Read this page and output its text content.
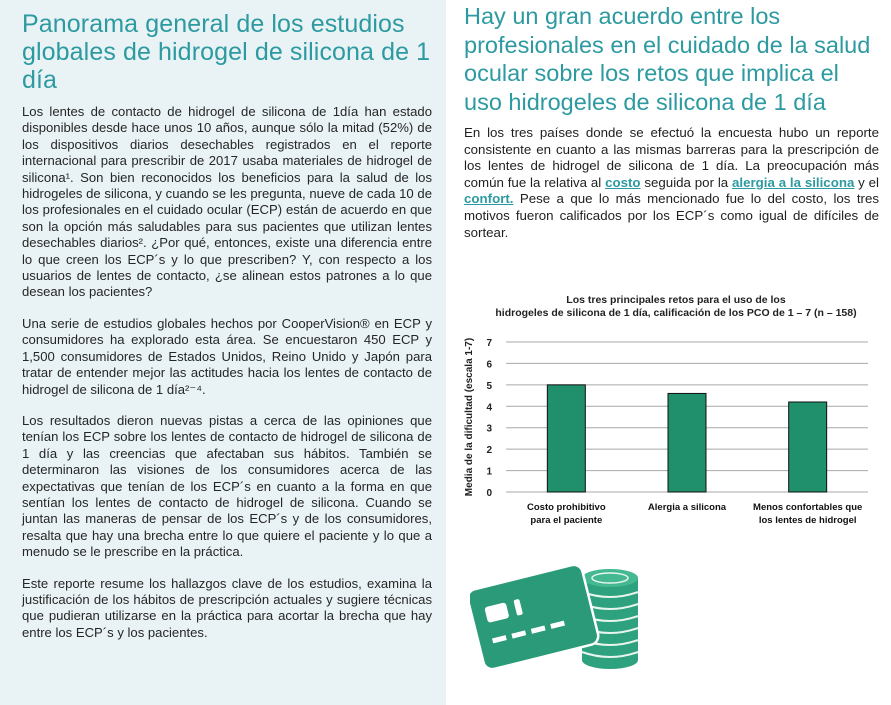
Panorama general de los estudios globales de hidrogel de silicona de 1 día

Los lentes de contacto de hidrogel de silicona de 1día han estado disponibles desde hace unos 10 años, aunque sólo la mitad (52%) de los dispositivos diarios desechables registrados en el reporte internacional para prescribir de 2017 usaba materiales de hidrogel de silicona¹. Son bien reconocidos los beneficios para la salud de los hidrogeles de silicona, y cuando se les pregunta, nueve de cada 10 de los profesionales en el cuidado ocular (ECP) están de acuerdo en que son la opción más saludables para sus pacientes que utilizan lentes desechables diarios². ¿Por qué, entonces, existe una diferencia entre lo que creen los ECP´s y lo que prescriben? Y, con respecto a los usuarios de lentes de contacto, ¿se alinean estos patrones a lo que desean los pacientes?

Una serie de estudios globales hechos por CooperVision® en ECP y consumidores ha explorado esta área. Se encuestaron 450 ECP y 1,500 consumidores de Estados Unidos, Reino Unido y Japón para tratar de entender mejor las actitudes hacia los lentes de contacto de hidrogel de silicona de 1 día²⁻⁴.

Los resultados dieron nuevas pistas a cerca de las opiniones que tenían los ECP sobre los lentes de contacto de hidrogel de silicona de 1 día y las creencias que afectaban sus hábitos. También se determinaron las visiones de los consumidores acerca de las expectativas que tenían de los ECP´s en cuanto a la forma en que sentían los lentes de contacto de hidrogel de silicona. Cuando se juntan las maneras de pensar de los ECP´s y de los consumidores, resalta que hay una brecha entre lo que quiere el paciente y lo que a menudo se le prescribe en la práctica.

Este reporte resume los hallazgos clave de los estudios, examina la justificación de los hábitos de prescripción actuales y sugiere técnicas que pudieran utilizarse en la práctica para acortar la brecha que hay entre los ECP´s y los pacientes.

Hay un gran acuerdo entre los profesionales en el cuidado de la salud ocular sobre los retos que implica el uso hidrogeles de silicona de 1 día

En los tres países donde se efectuó la encuesta hubo un reporte consistente en cuanto a las mismas barreras para la prescripción de los lentes de hidrogel de silicona de 1 día. La preocupación más común fue la relativa al costo seguida por la alergia a la silicona y el confort. Pese a que lo más mencionado fue lo del costo, los tres motivos fueron calificados por los ECP´s como igual de difíciles de sortear.

Los tres principales retos para el uso de los
hidrogeles de silicona de 1 día, calificación de los PCO de 1 – 7 (n – 158)
0
1
2
3
4
5
6
7
Media de la dificultad (escala 1-7)
Costo prohibitivo
para el paciente
Alergia a silicona	Menos confortables que
los lentes de hidrogel
